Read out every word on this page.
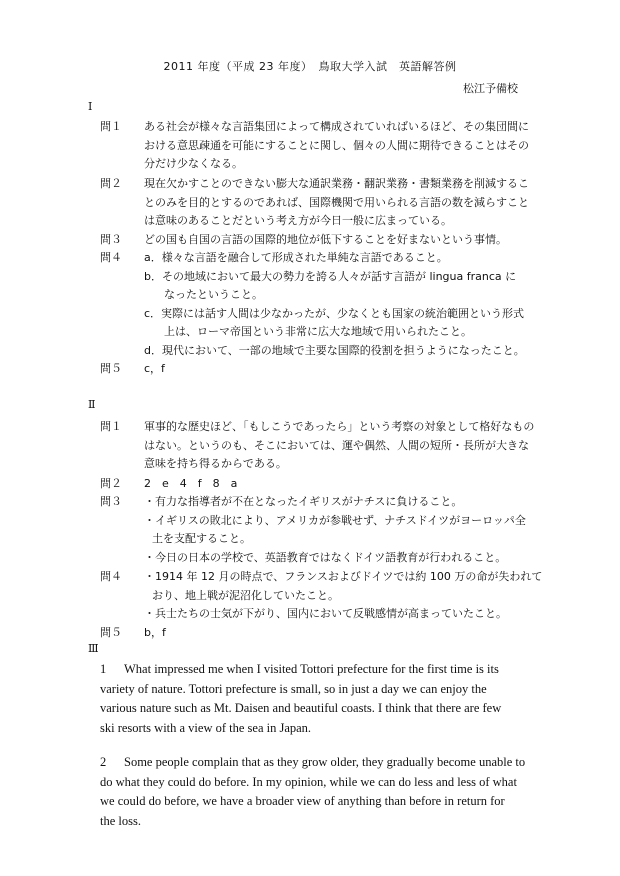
2011 年度（平成 23 年度）　鳥取大学入試　英語解答例
松江予備校
Ⅰ
問１	ある社会が様々な言語集団によって構成されていればいるほど、その集団間に
おける意思疎通を可能にすることに関し、個々の人間に期待できることはその
分だけ少なくなる。
問２	現在欠かすことのできない膨大な通訳業務・翻訳業務・書類業務を削減するこ
とのみを目的とするのであれば、国際機関で用いられる言語の数を減らすこと
は意味のあることだという考え方が今日一般に広まっている。
問３	どの国も自国の言語の国際的地位が低下することを好まないという事情。
問４	a．様々な言語を融合して形成された単純な言語であること。
b．その地域において最大の勢力を誇る人々が話す言語が lingua franca に
なったということ。
c．実際には話す人間は少なかったが、少なくとも国家の統治範囲という形式
上は、ローマ帝国という非常に広大な地域で用いられたこと。
d．現代において、一部の地域で主要な国際的役割を担うようになったこと。
問５	c，f
Ⅱ
問１	軍事的な歴史ほど、「もしこうであったら」という考察の対象として格好なもの
はない。というのも、そこにおいては、運や偶然、人間の短所・長所が大きな
意味を持ち得るからである。
問２	2　e　4　f　8　a
問３	・有力な指導者が不在となったイギリスがナチスに負けること。
・イギリスの敗北により、アメリカが参戦せず、ナチスドイツがヨーロッパ全
土を支配すること。
・今日の日本の学校で、英語教育ではなくドイツ語教育が行われること。
問４	・1914 年 12 月の時点で、フランスおよびドイツでは約 100 万の命が失われて
おり、地上戦が泥沼化していたこと。
・兵士たちの士気が下がり、国内において反戦感情が高まっていたこと。
問５	b，f
Ⅲ
1	What impressed me when I visited Tottori prefecture for the first time is its
variety of nature. Tottori prefecture is small, so in just a day we can enjoy the
various nature such as Mt. Daisen and beautiful coasts. I think that there are few
ski resorts with a view of the sea in Japan.
2	Some people complain that as they grow older, they gradually become unable to
do what they could do before. In my opinion, while we can do less and less of what
we could do before, we have a broader view of anything than before in return for
the loss.
